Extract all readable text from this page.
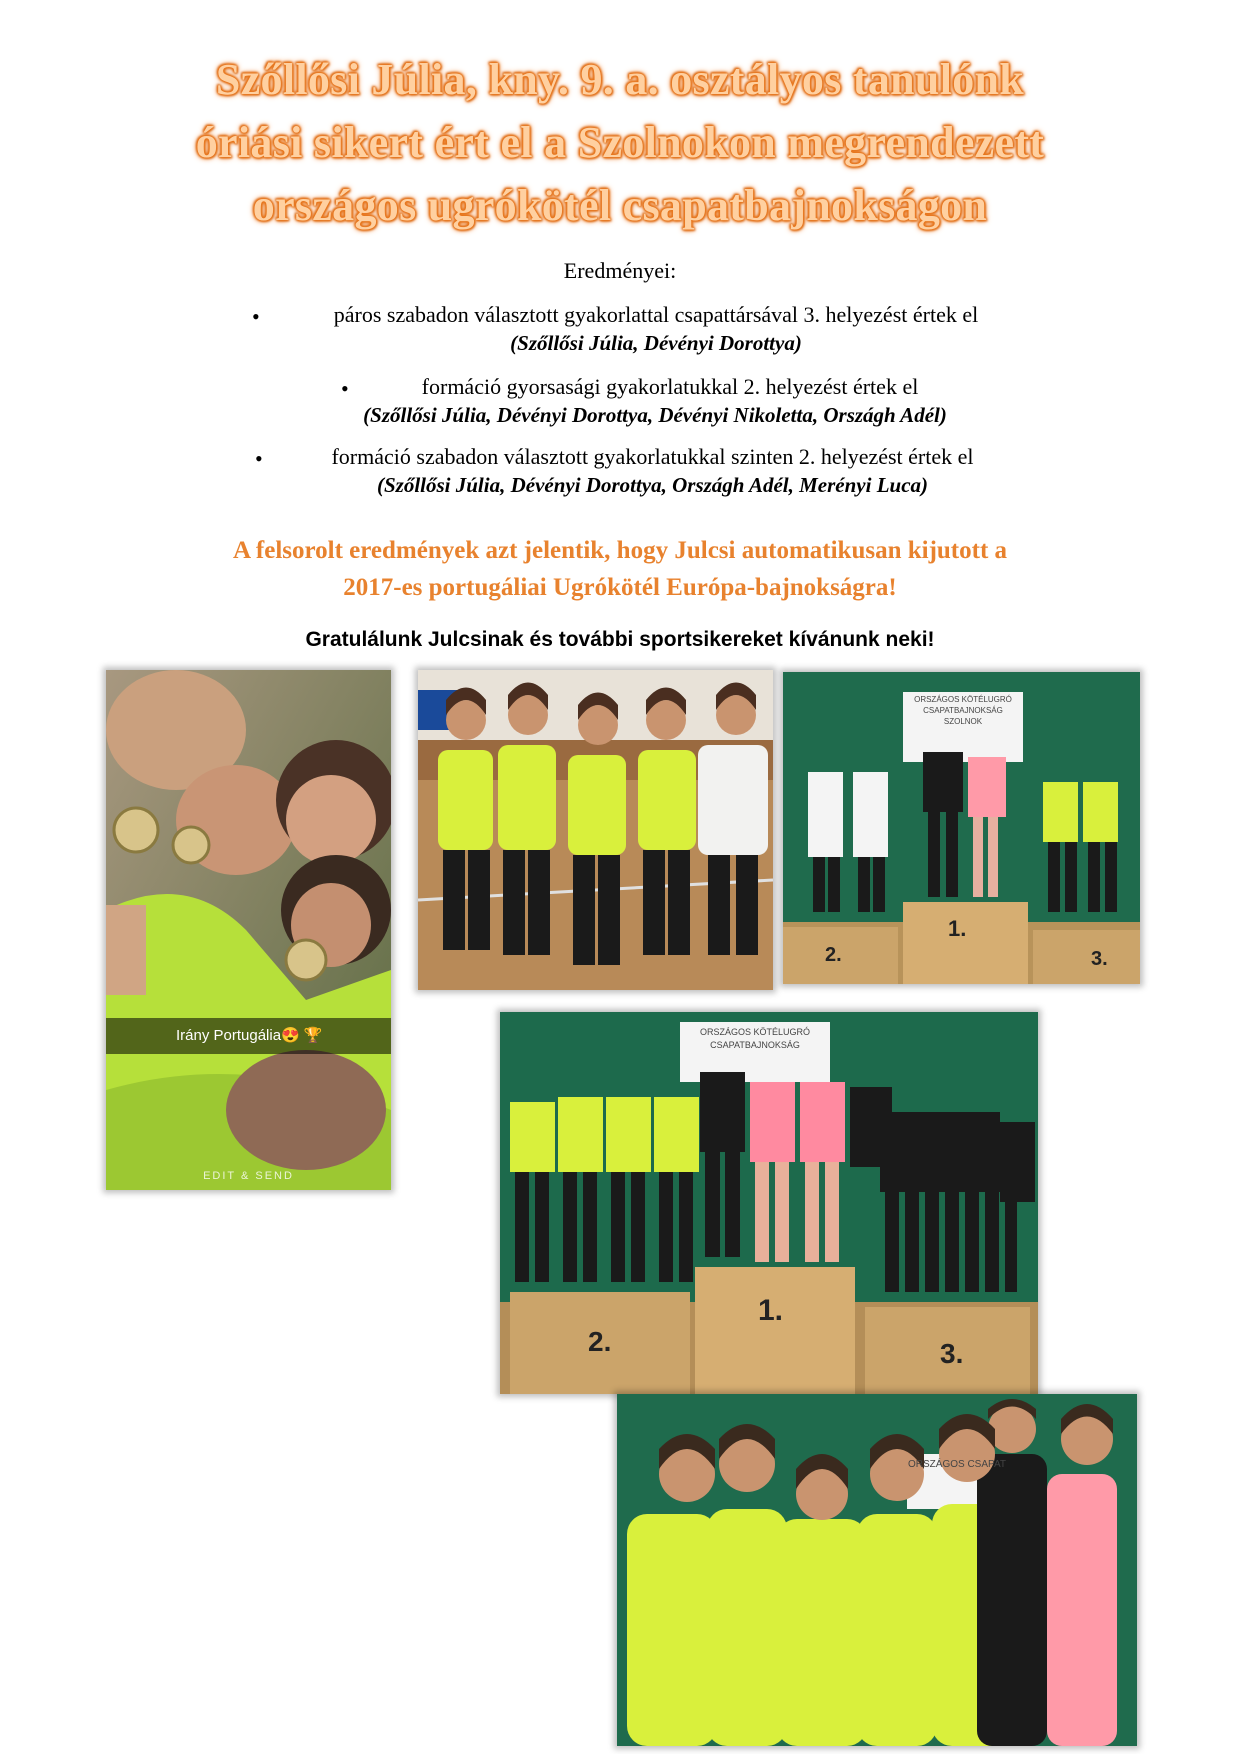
Szőllősi Júlia, kny. 9. a. osztályos tanulónk
óriási sikert ért el a Szolnokon megrendezett
országos ugrókötél csapatbajnokságon
Eredményei:
•	páros szabadon választott gyakorlattal csapattársával 3. helyezést értek el
(Szőllősi Júlia, Dévényi Dorottya)
•	formáció gyorsasági gyakorlatukkal 2. helyezést értek el
(Szőllősi Júlia, Dévényi Dorottya, Dévényi Nikoletta, Országh Adél)
•	formáció szabadon választott gyakorlatukkal szinten 2. helyezést értek el
(Szőllősi Júlia, Dévényi Dorottya, Országh Adél, Merényi Luca)
A felsorolt eredmények azt jelentik, hogy Julcsi automatikusan kijutott a
2017-es portugáliai Ugrókötél Európa-bajnokságra!
Gratulálunk Julcsinak és további sportsikereket kívánunk neki!
Irány Portugália😍 🏆
EDIT & SEND
ORSZÁGOS KÖTÉLUGRÓ CSAPATBAJNOKSÁG SZOLNOK
1.
2.	3.
ORSZÁGOS KÖTÉLUGRÓ CSAPATBAJNOKSÁG
1.
2.	3.
ORSZÁGOS CSAPAT
